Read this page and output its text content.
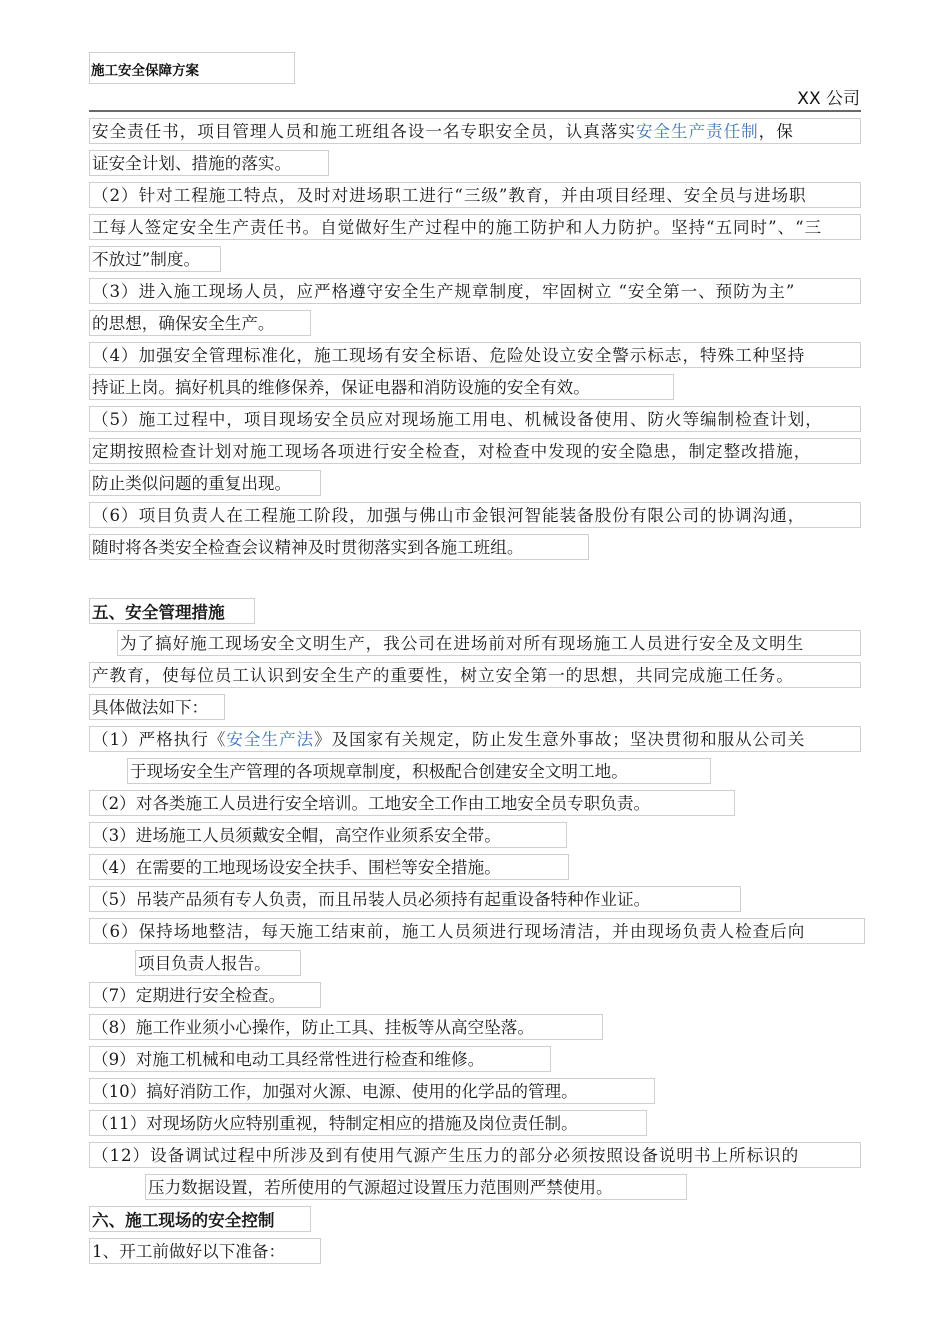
施工安全保障方案
XX 公司
安全责任书，项目管理人员和施工班组各设一名专职安全员，认真落实安全生产责任制，保
证安全计划、措施的落实。
（2）针对工程施工特点，及时对进场职工进行“三级”教育，并由项目经理、安全员与进场职
工每人签定安全生产责任书。自觉做好生产过程中的施工防护和人力防护。坚持“五同时”、“三
不放过”制度。
（3）进入施工现场人员，应严格遵守安全生产规章制度，牢固树立 “安全第一、预防为主”
的思想，确保安全生产。
（4）加强安全管理标准化，施工现场有安全标语、危险处设立安全警示标志，特殊工种坚持
持证上岗。搞好机具的维修保养，保证电器和消防设施的安全有效。
（5）施工过程中，项目现场安全员应对现场施工用电、机械设备使用、防火等编制检查计划，
定期按照检查计划对施工现场各项进行安全检查，对检查中发现的安全隐患，制定整改措施，
防止类似问题的重复出现。
（6）项目负责人在工程施工阶段，加强与佛山市金银河智能装备股份有限公司的协调沟通，
随时将各类安全检查会议精神及时贯彻落实到各施工班组。
五、安全管理措施
为了搞好施工现场安全文明生产，我公司在进场前对所有现场施工人员进行安全及文明生
产教育，使每位员工认识到安全生产的重要性，树立安全第一的思想，共同完成施工任务。
具体做法如下：
（1）严格执行《安全生产法》及国家有关规定，防止发生意外事故；坚决贯彻和服从公司关
于现场安全生产管理的各项规章制度，积极配合创建安全文明工地。
（2）对各类施工人员进行安全培训。工地安全工作由工地安全员专职负责。
（3）进场施工人员须戴安全帽，高空作业须系安全带。
（4）在需要的工地现场设安全扶手、围栏等安全措施。
（5）吊装产品须有专人负责，而且吊装人员必须持有起重设备特种作业证。
（6）保持场地整洁，每天施工结束前，施工人员须进行现场清洁，并由现场负责人检查后向
项目负责人报告。
（7）定期进行安全检查。
（8）施工作业须小心操作，防止工具、挂板等从高空坠落。
（9）对施工机械和电动工具经常性进行检查和维修。
（10）搞好消防工作，加强对火源、电源、使用的化学品的管理。
（11）对现场防火应特别重视，特制定相应的措施及岗位责任制。
（12）设备调试过程中所涉及到有使用气源产生压力的部分必须按照设备说明书上所标识的
压力数据设置，若所使用的气源超过设置压力范围则严禁使用。
六、施工现场的安全控制
1、开工前做好以下准备：
